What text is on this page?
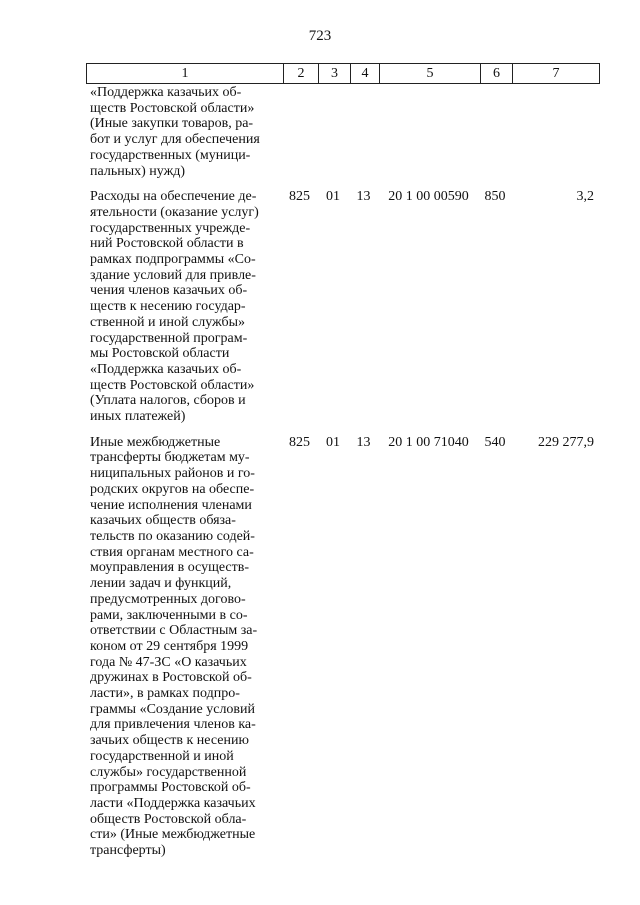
723
1	2	3	4	5	6	7
«Поддержка казачьих об-
ществ Ростовской области»
(Иные закупки товаров, ра-
бот и услуг для обеспечения
государственных (муници-
пальных) нужд)
Расходы на обеспечение де-
ятельности (оказание услуг)
государственных учрежде-
ний Ростовской области в
рамках подпрограммы «Со-
здание условий для привле-
чения членов казачьих об-
ществ к несению государ-
ственной и иной службы»
государственной програм-
мы Ростовской области
«Поддержка казачьих об-
ществ Ростовской области»
(Уплата налогов, сборов и
иных платежей)
825	01	13	20 1 00 00590	850	3,2
Иные межбюджетные
трансферты бюджетам му-
ниципальных районов и го-
родских округов на обеспе-
чение исполнения членами
казачьих обществ обяза-
тельств по оказанию содей-
ствия органам местного са-
моуправления в осуществ-
лении задач и функций,
предусмотренных догово-
рами, заключенными в со-
ответствии с Областным за-
коном от 29 сентября 1999
года № 47-ЗС «О казачьих
дружинах в Ростовской об-
ласти», в рамках подпро-
граммы «Создание условий
для привлечения членов ка-
зачьих обществ к несению
государственной и иной
службы» государственной
программы Ростовской об-
ласти «Поддержка казачьих
обществ Ростовской обла-
сти» (Иные межбюджетные
трансферты)
825	01	13	20 1 00 71040	540	229 277,9
